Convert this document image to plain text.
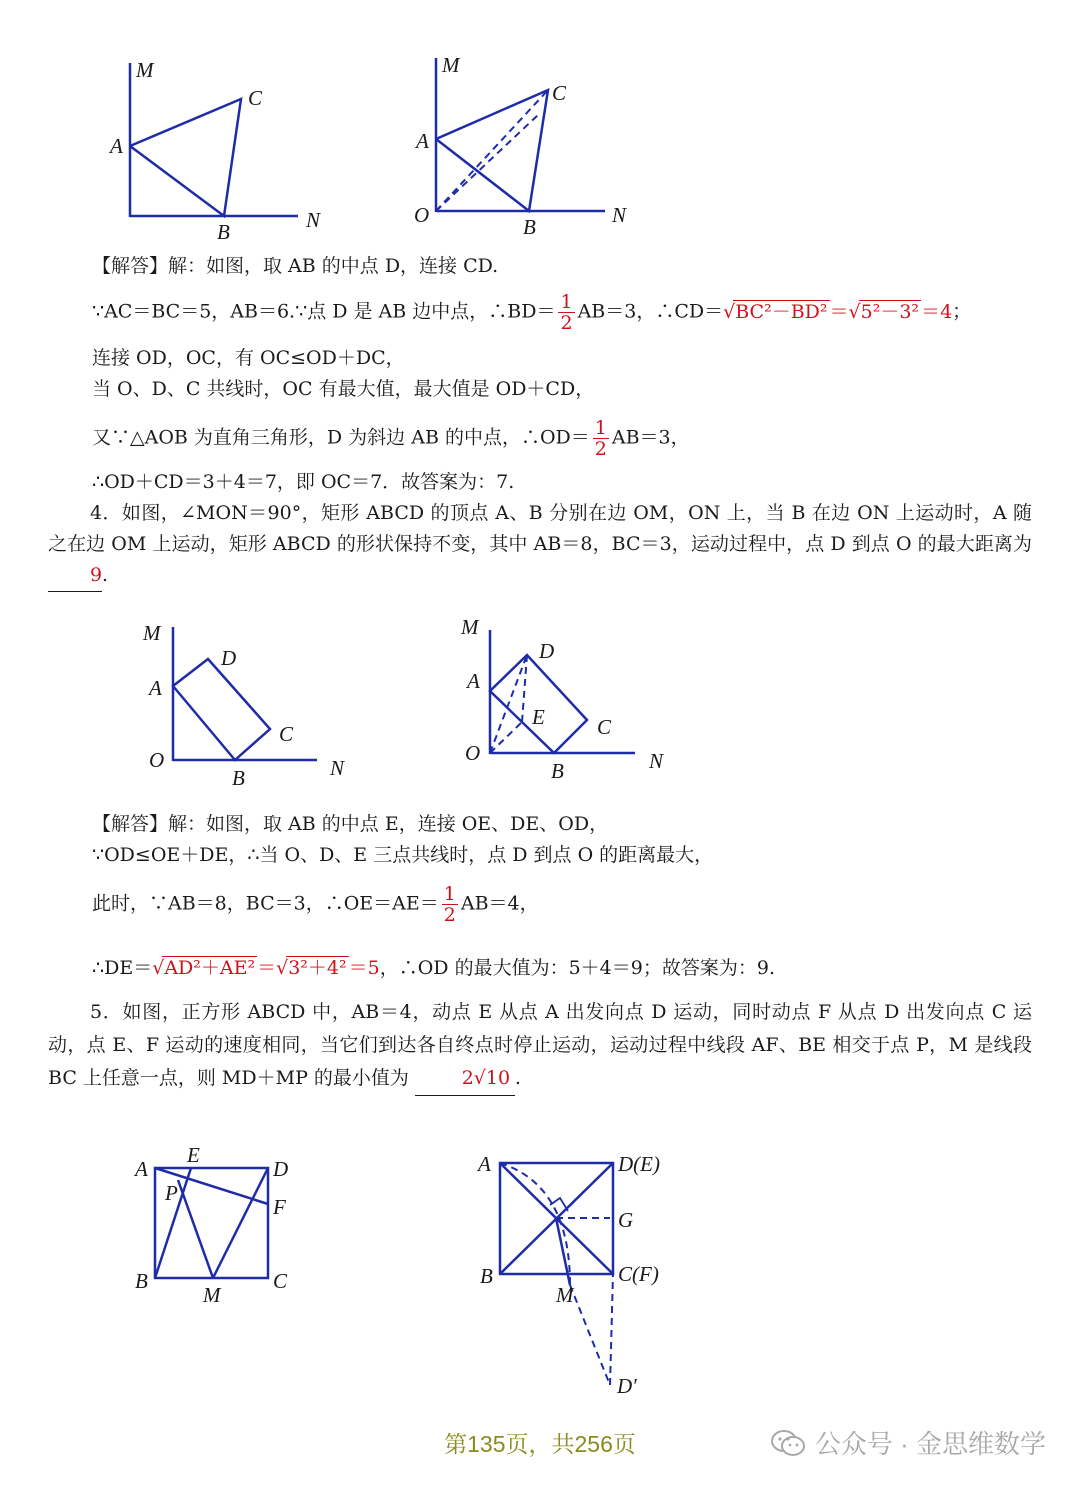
M
C
A
B	N
M
C
A
O	B	N
【解答】解：如图，取 AB 的中点 D，连接 CD.
∵AC＝BC＝5，AB＝6.∵点 D 是 AB 边中点，∴BD＝ $\frac{1}{2} AB=3$，∴CD＝√BC²－BD² ＝√5²－3² ＝4；
连接 OD，OC，有 OC≤OD＋DC，
当 O、D、C 共线时，OC 有最大值，最大值是 OD＋CD，
又∵△AOB 为直角三角形，D 为斜边 AB 的中点，∴OD＝ $\frac{1}{2} AB=3$，
∴OD＋CD＝3＋4＝7，即 OC＝7．故答案为：7.
4．如图，∠MON＝90°，矩形 ABCD 的顶点 A、B 分别在边 OM，ON 上，当 B 在边 ON 上运动时，A 随之在边 OM 上运动，矩形 ABCD 的形状保持不变，其中 AB＝8，BC＝3，运动过程中，点 D 到点 O 的最大距离为9.
M
D
A
C
O
B	N
M
D
A
E C
O
B	N
【解答】解：如图，取 AB 的中点 E，连接 OE、DE、OD，
∵OD≤OE＋DE，∴当 O、D、E 三点共线时，点 D 到点 O 的距离最大，
此时，∵AB＝8，BC＝3，∴OE＝AE＝ $\frac{1}{2} AB=4$，
∴DE＝√AD²＋AE² ＝√3²＋4² ＝5，∴OD 的最大值为：5＋4＝9；故答案为：9.
5．如图，正方形 ABCD 中，AB＝4，动点 E 从点 A 出发向点 D 运动，同时动点 F 从点 D 出发向点 C 运动，点 E、F 运动的速度相同，当它们到达各自终点时停止运动，运动过程中线段 AF、BE 相交于点 P，M 是线段 BC 上任意一点，则 MD＋MP 的最小值为	2√10 .
E
A	D
P
F
B
M
C
A	D(E)
G
B	C(F)
M
D′
第135页，共256页	公众号 · 金思维数学
